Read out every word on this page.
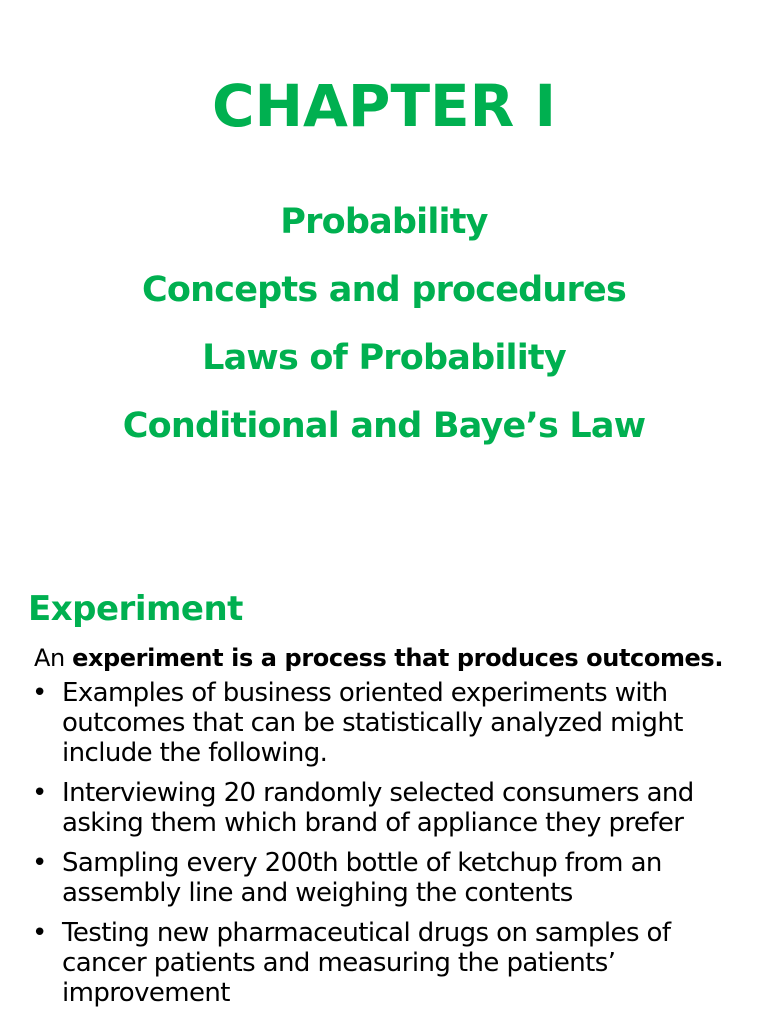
CHAPTER I
Probability
Concepts and procedures
Laws of Probability
Conditional and Baye’s Law
Experiment

An experiment is a process that produces outcomes.

• Examples of business oriented experiments with outcomes that can be statistically analyzed might include the following.
• Interviewing 20 randomly selected consumers and asking them which brand of appliance they prefer
• Sampling every 200th bottle of ketchup from an assembly line and weighing the contents
• Testing new pharmaceutical drugs on samples of cancer patients and measuring the patients’ improvement
